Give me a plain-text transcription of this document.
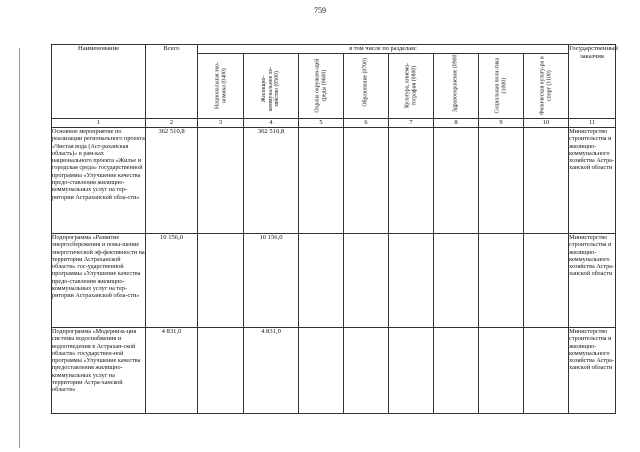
759
Наименование	Всего	в том числе по разделам:								Государственный заказчик

		Национальная эко-номика (0400)	Жилищно-коммунальное хо-зяйство (0500)	Охрана окружаю-щей среды (0600)	Образование (0700)	Культура, кинема-тография (0800)	Здравоохранение (0900)	Социальная поли-тика (1000)	Физическая культу-ра и спорт (1100)	

1	2	3	4	5	6	7	8	9	10	11
Основное мероприятие по реализации регионального проекта «Чистая вода (Аст-раханская область)» в рам-ках национального проекта «Жилье и городская среда» государственной программы «Улучшение качества предо-ставления жилищно-коммунальных услуг на тер-ритории Астраханской обла-сти»	362 510,8		362 510,8							Министерство строительства и жилищно-коммунального хозяйства Астра-ханской области
Подпрограмма «Развитие энергосбережения и повы-шение энергетической эф-фективности на территории Астраханской области» гос-ударственной программы «Улучшение качества предо-ставления жилищно-коммунальных услуг на тер-ритории Астраханской обла-сти»	10 156,0		10 156,0							Министерство строительства и жилищно-коммунального хозяйства Астра-ханской области
Подпрограмма «Модерниза-ция системы водоснабжения и водоотведения в Астрахан-ской области» государствен-ной программы «Улучшение качества предоставления жилищно-коммунальных услуг на территории Астра-ханской области»	4 831,0		4 831,0							Министерство строительства и жилищно-коммунального хозяйства Астра-ханской области
